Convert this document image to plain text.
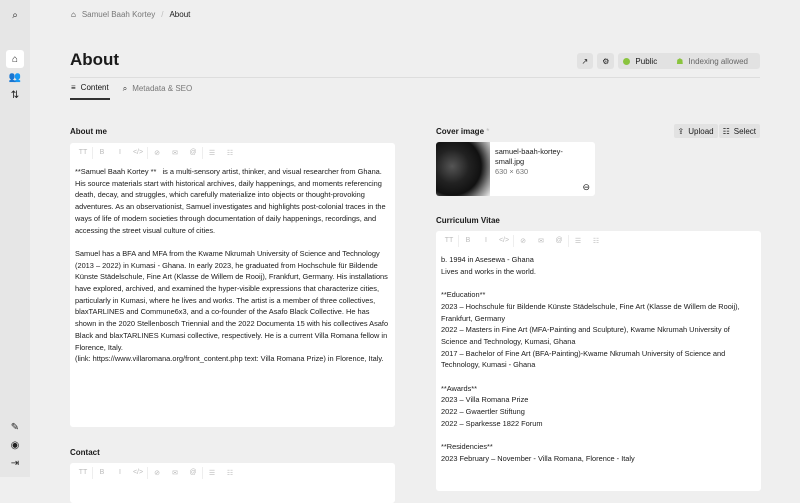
⌕
⌂
👥
⇅
✎
◉
⇥
⌂ Samuel Baah Kortey / About
About	↗ ⚙	Public ☗ Indexing allowed
≡ Content ⌕ Metadata & SEO
About me
TT	B	I	</>	⊘	✉	@	☰	☷
**Samuel Baah Kortey **   is a multi-sensory artist, thinker, and visual researcher from Ghana. His source materials start with historical archives, daily happenings, and moments referencing death, decay, and struggles, which carefully materialize into objects or thought-provoking adventures. As an observationist, Samuel investigates and highlights post-colonial traces in the ways of life of modern societies through documentation of daily happenings, recordings, and accessing the street visual culture of cities.

Samuel has a BFA and MFA from the Kwame Nkrumah University of Science and Technology (2013 – 2022) in Kumasi - Ghana. In early 2023, he graduated from Hochschule für Bildende Künste Städelschule, Fine Art (Klasse de Willem de Rooij), Frankfurt, Germany. His installations have explored, archived, and examined the hyper-visible expressions that characterize cities, particularly in Kumasi, where he lives and works. The artist is a member of three collectives, blaxTARLINES and Commune6x3, and a co-founder of the Asafo Black Collective. He has shown in the 2020 Stellenbosch Triennial and the 2022 Documenta 15 with his collectives Asafo Black and blaxTARLINES Kumasi collective, respectively. He is a current Villa Romana fellow in Florence, Italy.
(link: https://www.villaromana.org/front_content.php text: Villa Romana Prize) in Florence, Italy.
Contact
TT	B	I	</>	⊘	✉	@	☰	☷
Cover image *	⇪ Upload ☷ Select
samuel-baah-kortey-small.jpg
630 × 630
⊖
Curriculum Vitae
TT	B	I	</>	⊘	✉	@	☰	☷
b. 1994 in Asesewa - Ghana
Lives and works in the world.

**Education**
2023 – Hochschule für Bildende Künste Städelschule, Fine Art (Klasse de Willem de Rooij), Frankfurt, Germany
2022 – Masters in Fine Art (MFA-Painting and Sculpture), Kwame Nkrumah University of Science and Technology, Kumasi, Ghana
2017 – Bachelor of Fine Art (BFA-Painting)-Kwame Nkrumah University of Science and Technology, Kumasi - Ghana

**Awards**
2023 – Villa Romana Prize
2022 – Gwaertler Stiftung
2022 – Sparkesse 1822 Forum

**Residencies**
2023 February – November - Villa Romana, Florence - Italy
